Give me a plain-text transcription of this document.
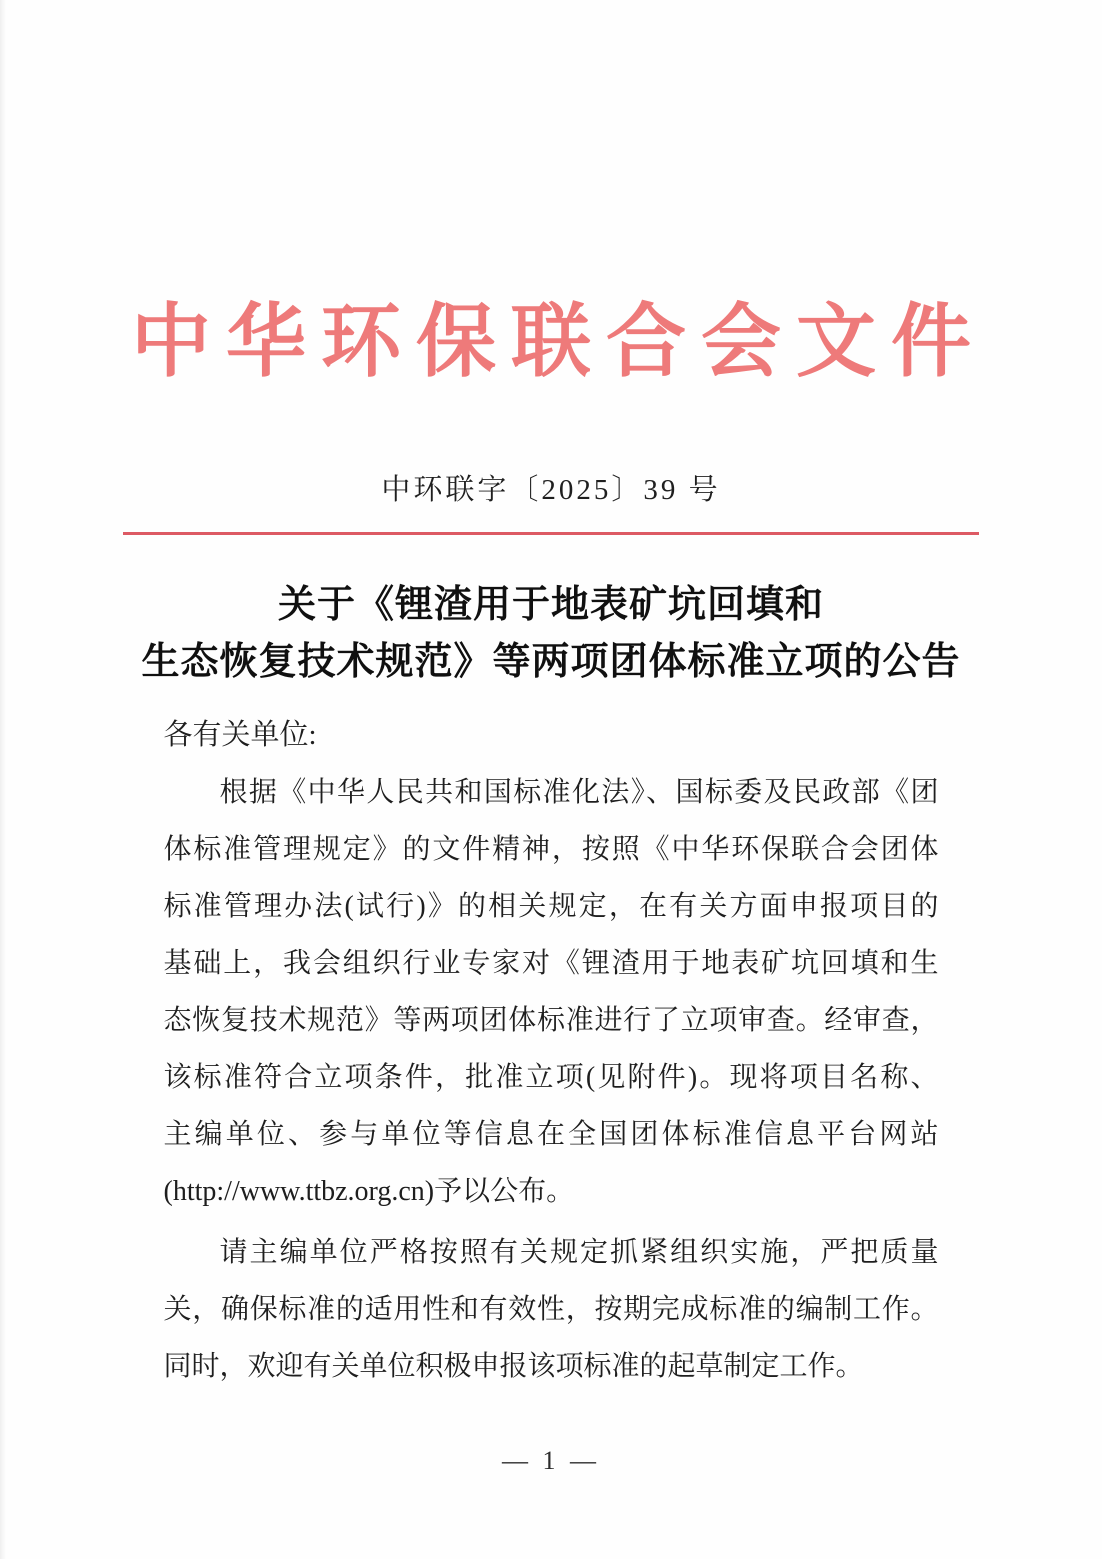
中华环保联合会文件
中环联字〔2025〕39 号
关于《锂渣用于地表矿坑回填和
生态恢复技术规范》等两项团体标准立项的公告
各有关单位:
根据《中华人民共和国标准化法》、国标委及民政部《团
体标准管理规定》的文件精神，按照《中华环保联合会团体
标准管理办法(试行)》的相关规定，在有关方面申报项目的
基础上，我会组织行业专家对《锂渣用于地表矿坑回填和生
态恢复技术规范》等两项团体标准进行了立项审查。经审查，
该标准符合立项条件，批准立项(见附件)。现将项目名称、
主编单位、参与单位等信息在全国团体标准信息平台网站
(http://www.ttbz.org.cn)予以公布。
请主编单位严格按照有关规定抓紧组织实施，严把质量
关，确保标准的适用性和有效性，按期完成标准的编制工作。
同时，欢迎有关单位积极申报该项标准的起草制定工作。
— 1 —
